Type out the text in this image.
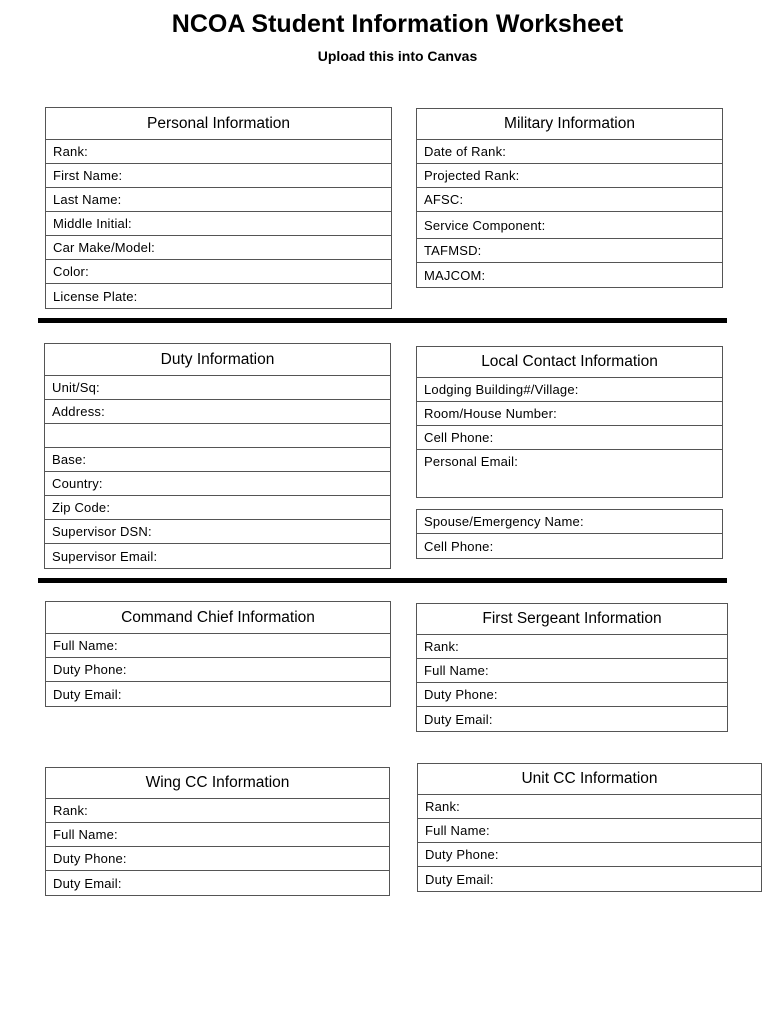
NCOA Student Information Worksheet
Upload this into Canvas
Personal Information
Rank:
First Name:
Last Name:
Middle Initial:
Car Make/Model:
Color:
License Plate:
Military Information
Date of Rank:
Projected Rank:
AFSC:
Service Component:
TAFMSD:
MAJCOM:
Duty Information
Unit/Sq:
Address:
Base:
Country:
Zip Code:
Supervisor DSN:
Supervisor Email:
Local Contact Information
Lodging Building#/Village:
Room/House Number:
Cell Phone:
Personal Email:
Spouse/Emergency Name:
Cell Phone:
Command Chief Information
Full Name:
Duty Phone:
Duty Email:
First Sergeant Information
Rank:
Full Name:
Duty Phone:
Duty Email:
Wing CC Information
Rank:
Full Name:
Duty Phone:
Duty Email:
Unit CC Information
Rank:
Full Name:
Duty Phone:
Duty Email:
